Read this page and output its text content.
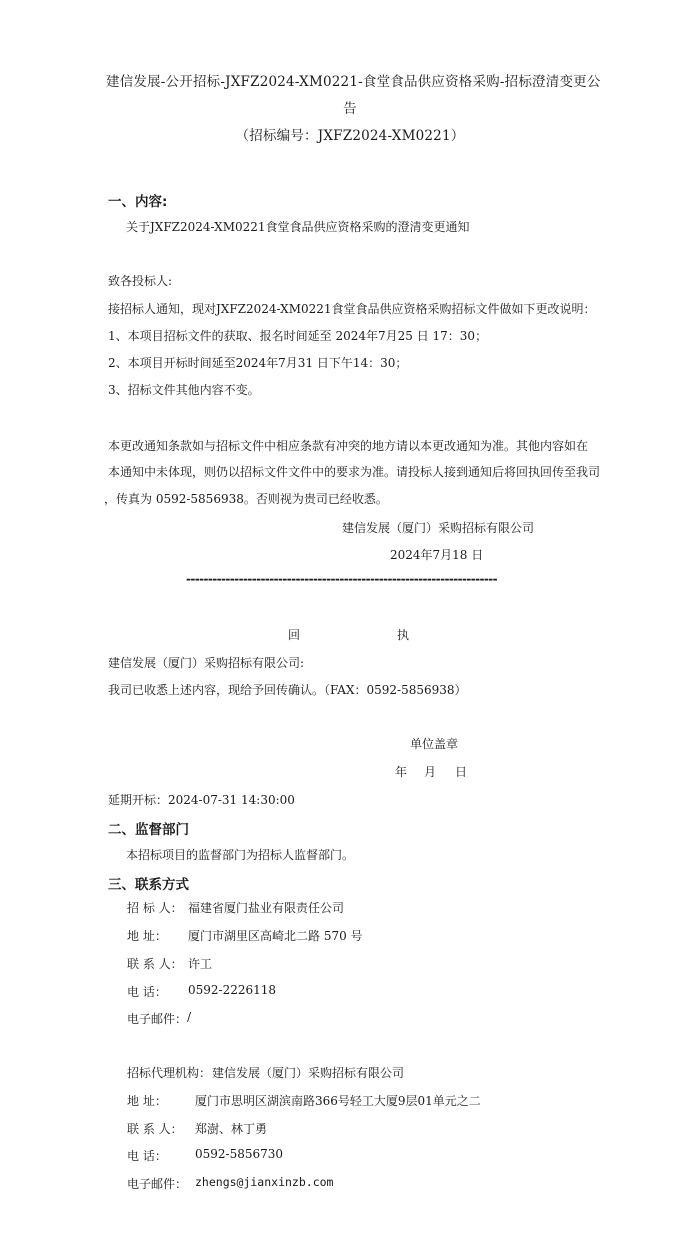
建信发展-公开招标-JXFZ2024-XM0221-食堂食品供应资格采购-招标澄清变更公
告
（招标编号：JXFZ2024-XM0221）
一、内容:
关于JXFZ2024-XM0221食堂食品供应资格采购的澄清变更通知
致各投标人:
接招标人通知，现对JXFZ2024-XM0221食堂食品供应资格采购招标文件做如下更改说明：
1、本项目招标文件的获取、报名时间延至 2024年7月25 日 17：30；
2、本项目开标时间延至2024年7月31 日下午14：30；
3、招标文件其他内容不变。
本更改通知条款如与招标文件中相应条款有冲突的地方请以本更改通知为准。其他内容如在
本通知中未体现，则仍以招标文件文件中的要求为准。请投标人接到通知后将回执回传至我司
，传真为 0592-5856938。否则视为贵司已经收悉。
建信发展（厦门）采购招标有限公司
2024年7月18 日
-----------------------------------------------------------------------
回	执
建信发展（厦门）采购招标有限公司:
我司已收悉上述内容，现给予回传确认。（FAX：0592-5856938）
单位盖章
年 月 日
延期开标：2024-07-31 14:30:00
二、监督部门
本招标项目的监督部门为招标人监督部门。
三、联系方式
招 标 人： 福建省厦门盐业有限责任公司
地 址： 厦门市湖里区高崎北二路 570 号
联 系 人： 许工
电 话： 0592-2226118
电子邮件： /
招标代理机构： 建信发展（厦门）采购招标有限公司
地 址： 厦门市思明区湖滨南路366号轻工大厦9层01单元之二
联 系 人： 郑澍、林丁勇
电 话： 0592-5856730
电子邮件： zhengs@jianxinzb.com
